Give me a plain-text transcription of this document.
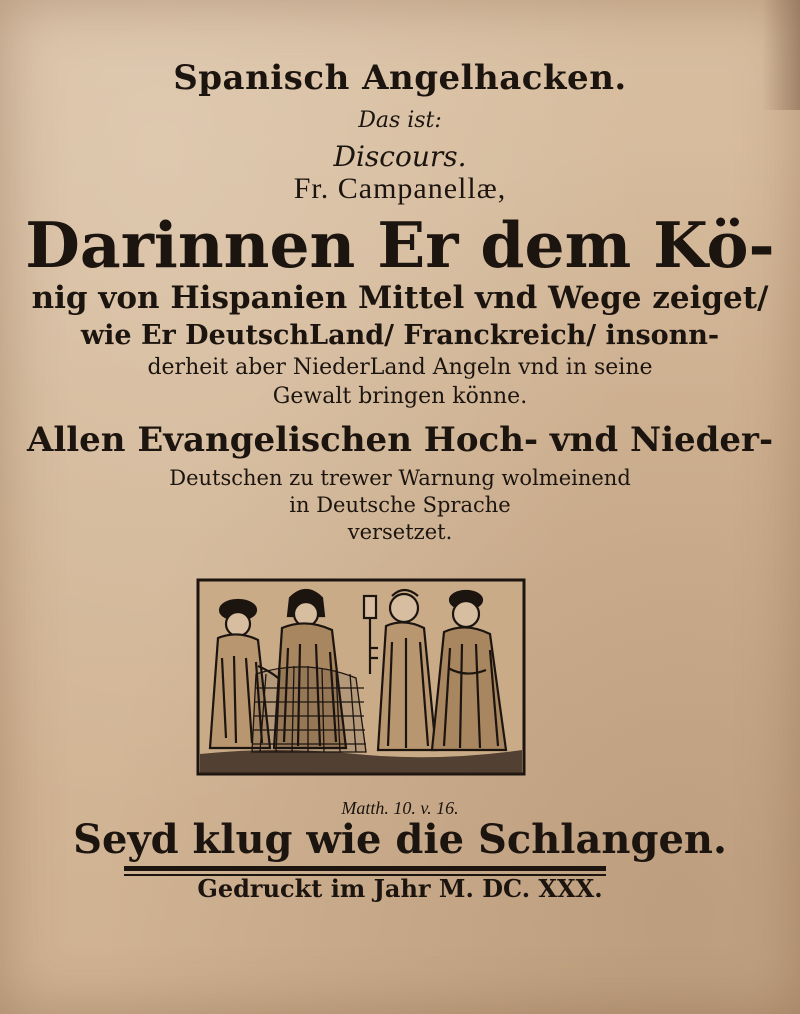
Spanisch Angelhacken.
Das ist:
Discours.
Fr. Campanellæ,
Darinnen Er dem Kö-
nig von Hispanien Mittel vnd Wege zeiget/
wie Er DeutschLand/ Franckreich/ insonn-
derheit aber NiederLand Angeln vnd in seine
Gewalt bringen könne.
Allen Evangelischen Hoch- vnd Nieder-
Deutschen zu trewer Warnung wolmeinend
in Deutsche Sprache
versetzet.
Matth. 10. v. 16.
Seyd klug wie die Schlangen.
Gedruckt im Jahr M. DC. XXX.
